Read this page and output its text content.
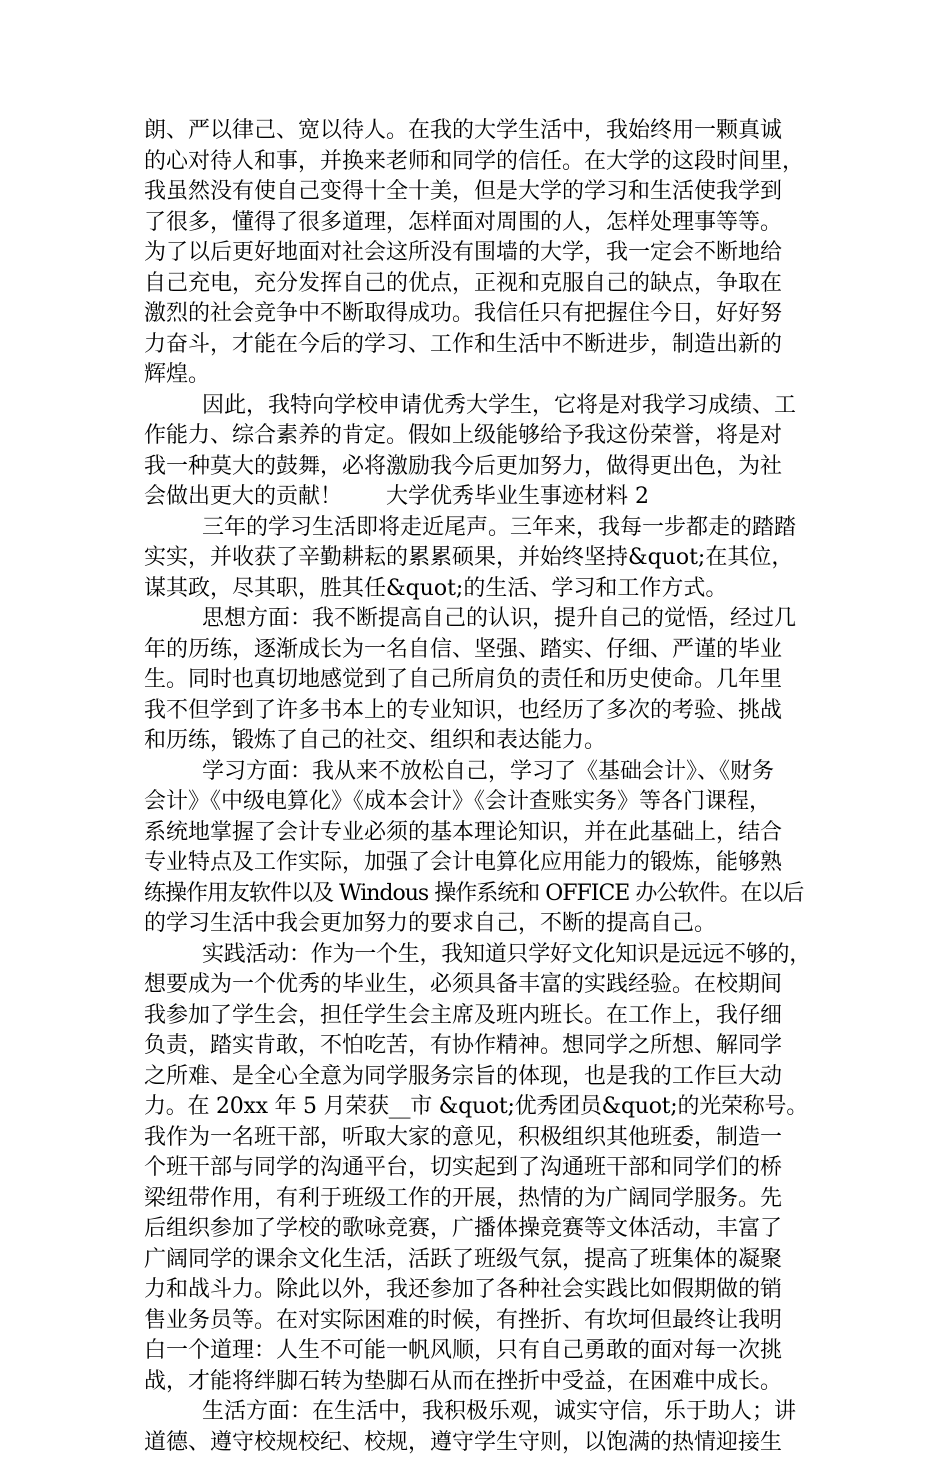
朗、严以律己、宽以待人。在我的大学生活中，我始终用一颗真诚
的心对待人和事，并换来老师和同学的信任。在大学的这段时间里，
我虽然没有使自己变得十全十美，但是大学的学习和生活使我学到
了很多，懂得了很多道理，怎样面对周围的人，怎样处理事等等。
为了以后更好地面对社会这所没有围墙的大学，我一定会不断地给
自己充电，充分发挥自己的优点，正视和克服自己的缺点，争取在
激烈的社会竞争中不断取得成功。我信任只有把握住今日，好好努
力奋斗，才能在今后的学习、工作和生活中不断进步，制造出新的
辉煌。
因此，我特向学校申请优秀大学生，它将是对我学习成绩、工
作能力、综合素养的肯定。假如上级能够给予我这份荣誉，将是对
我一种莫大的鼓舞，必将激励我今后更加努力，做得更出色，为社
会做出更大的贡献！　　大学优秀毕业生事迹材料 2
三年的学习生活即将走近尾声。三年来，我每一步都走的踏踏
实实，并收获了辛勤耕耘的累累硕果，并始终坚持&quot;在其位，
谋其政，尽其职，胜其任&quot;的生活、学习和工作方式。
思想方面：我不断提高自己的认识，提升自己的觉悟，经过几
年的历练，逐渐成长为一名自信、坚强、踏实、仔细、严谨的毕业
生。同时也真切地感觉到了自己所肩负的责任和历史使命。几年里
我不但学到了许多书本上的专业知识，也经历了多次的考验、挑战
和历练，锻炼了自己的社交、组织和表达能力。
学习方面：我从来不放松自己，学习了《基础会计》、《财务
会计》《中级电算化》《成本会计》《会计查账实务》等各门课程，
系统地掌握了会计专业必须的基本理论知识，并在此基础上，结合
专业特点及工作实际，加强了会计电算化应用能力的锻炼，能够熟
练操作用友软件以及 Windous 操作系统和 OFFICE 办公软件。在以后
的学习生活中我会更加努力的要求自己，不断的提高自己。
实践活动：作为一个生，我知道只学好文化知识是远远不够的，
想要成为一个优秀的毕业生，必须具备丰富的实践经验。在校期间
我参加了学生会，担任学生会主席及班内班长。在工作上，我仔细
负责，踏实肯敢，不怕吃苦，有协作精神。想同学之所想、解同学
之所难、是全心全意为同学服务宗旨的体现，也是我的工作巨大动
力。在 20xx 年 5 月荣获__市 &quot;优秀团员&quot;的光荣称号。
我作为一名班干部，听取大家的意见，积极组织其他班委，制造一
个班干部与同学的沟通平台，切实起到了沟通班干部和同学们的桥
梁纽带作用，有利于班级工作的开展，热情的为广阔同学服务。先
后组织参加了学校的歌咏竞赛，广播体操竞赛等文体活动，丰富了
广阔同学的课余文化生活，活跃了班级气氛，提高了班集体的凝聚
力和战斗力。除此以外，我还参加了各种社会实践比如假期做的销
售业务员等。在对实际困难的时候，有挫折、有坎坷但最终让我明
白一个道理：人生不可能一帆风顺，只有自己勇敢的面对每一次挑
战，才能将绊脚石转为垫脚石从而在挫折中受益，在困难中成长。
生活方面：在生活中，我积极乐观，诚实守信，乐于助人；讲
道德、遵守校规校纪、校规，遵守学生守则，以饱满的热情迎接生
